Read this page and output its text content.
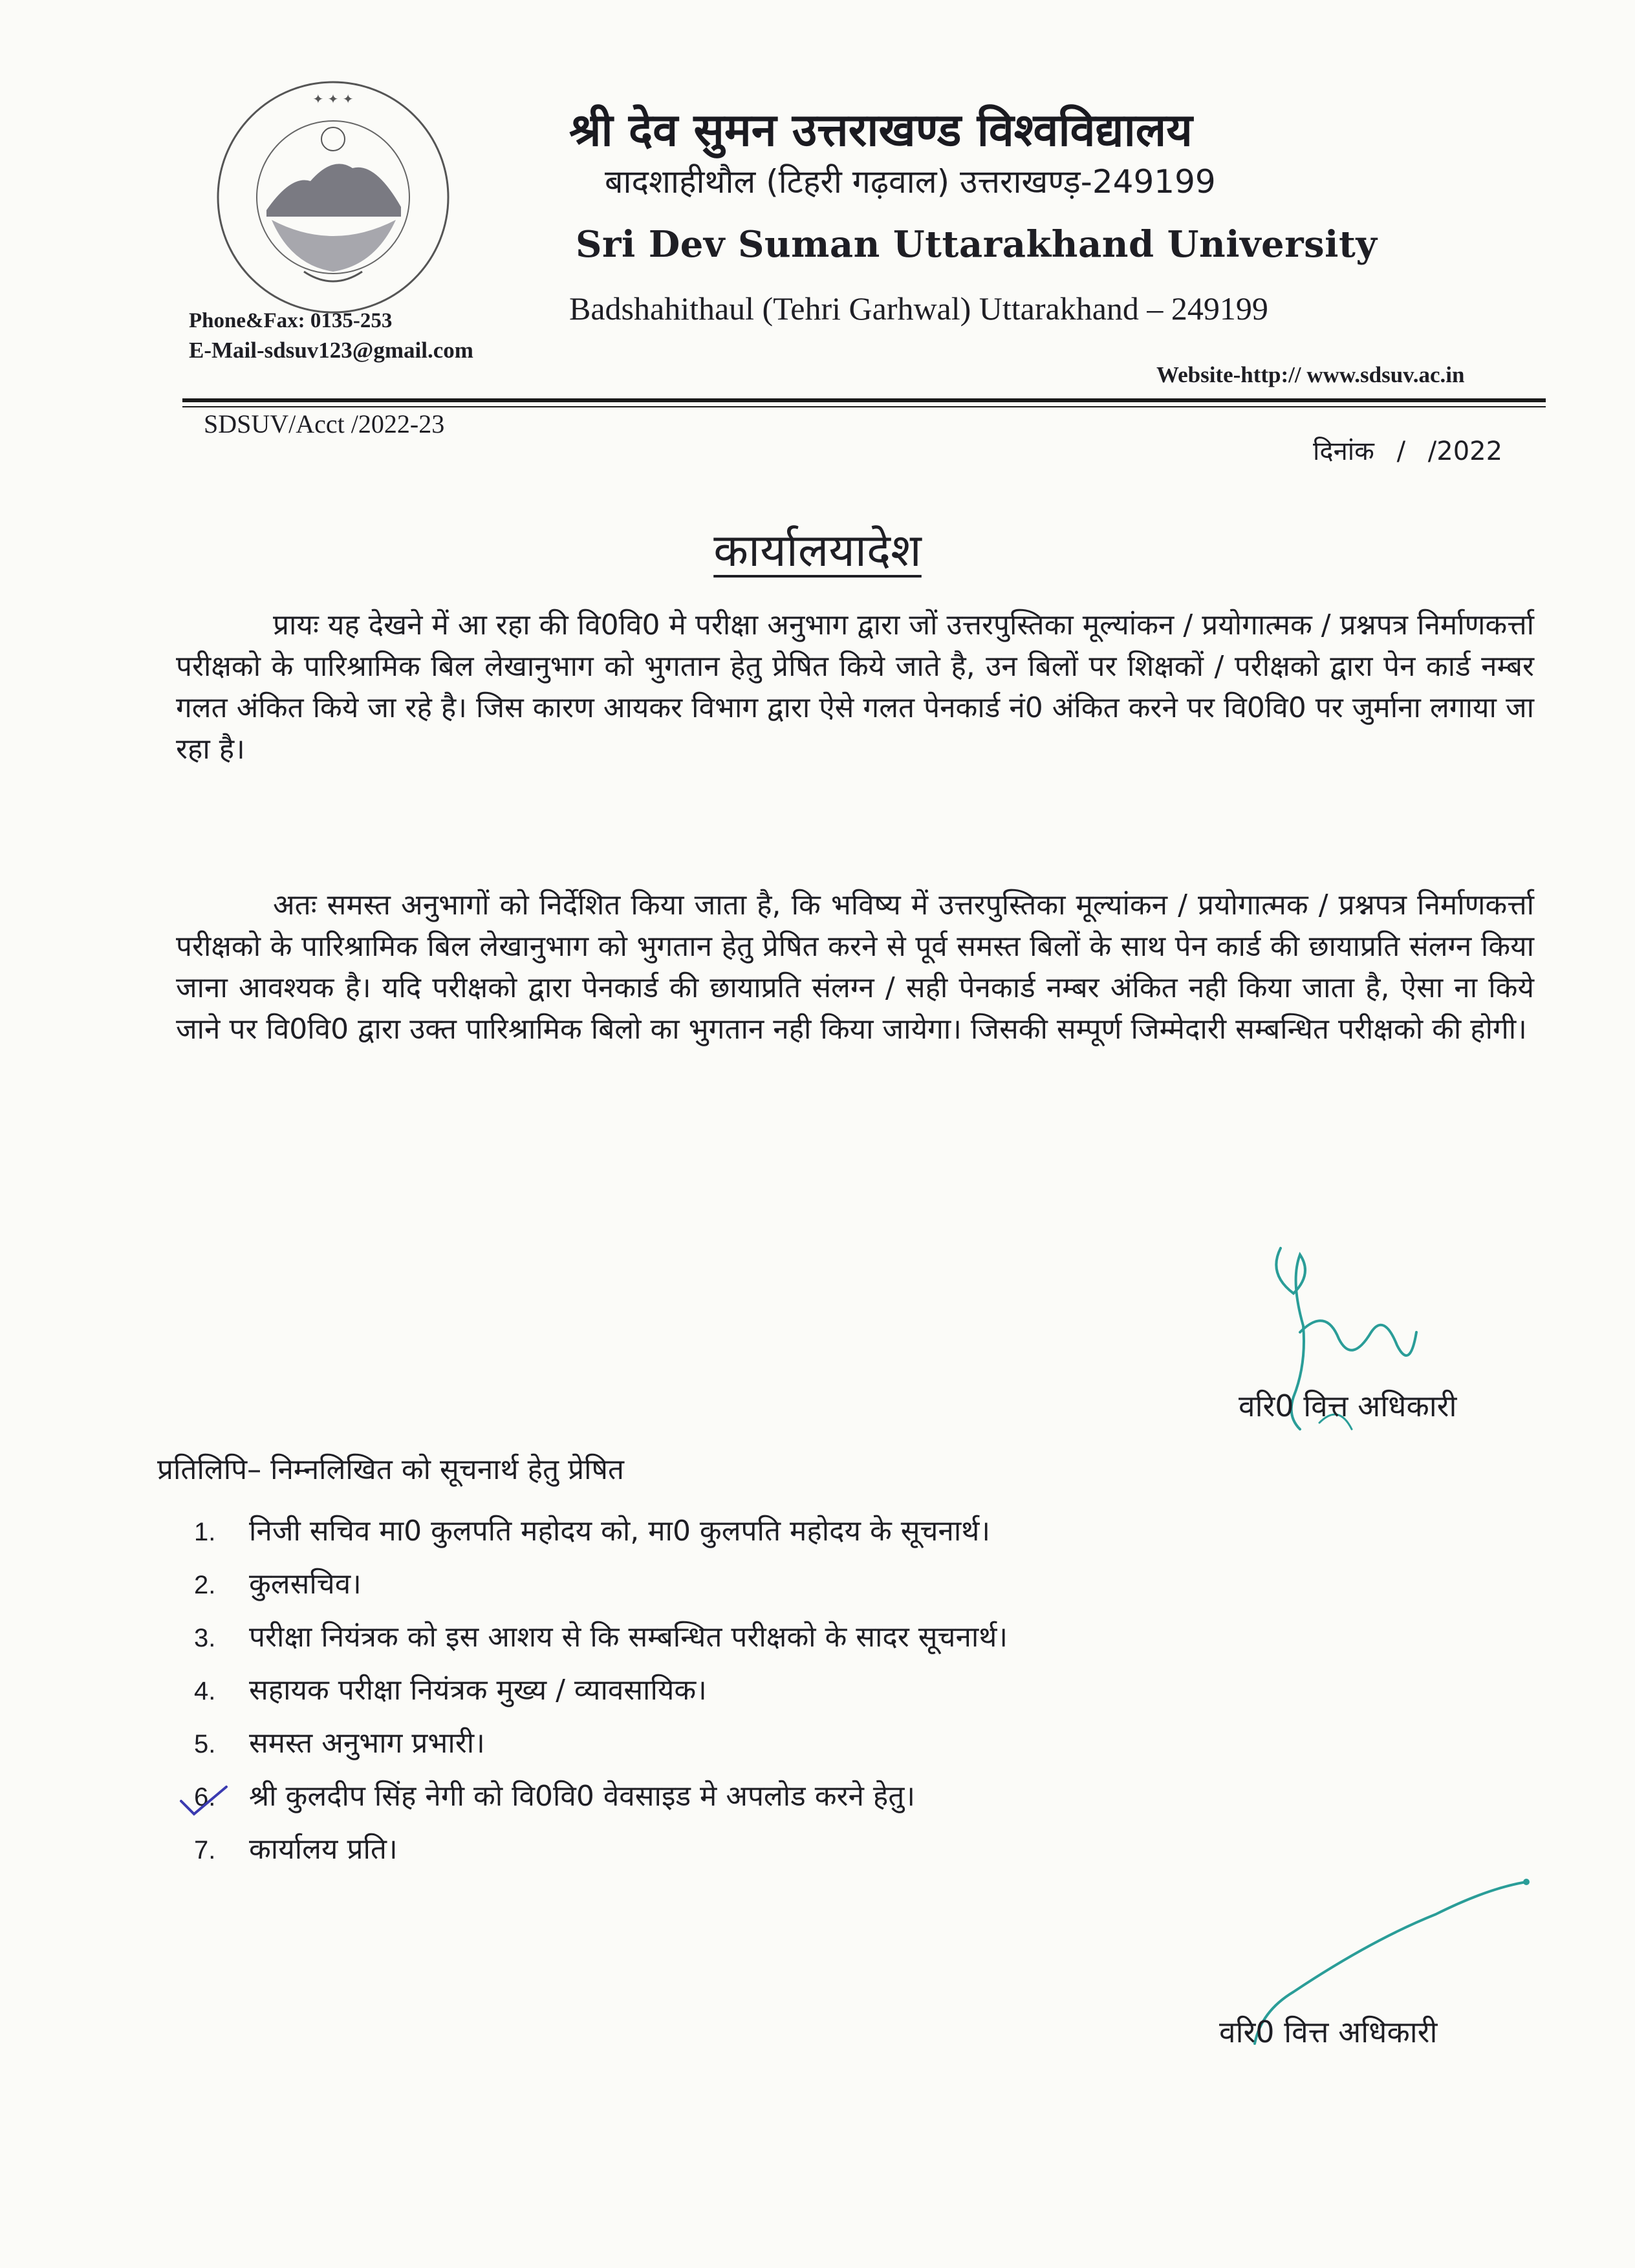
✦ ✦ ✦
श्री देव सुमन उत्तराखण्ड विश्वविद्यालय
बादशाहीथौल (टिहरी गढ़वाल) उत्तराखण्ड़-249199
Sri Dev Suman Uttarakhand University
Badshahithaul (Tehri Garhwal) Uttarakhand – 249199
Phone&Fax: 0135-253
E-Mail-sdsuv123@gmail.com
Website-http:// www.sdsuv.ac.in
SDSUV/Acct /2022-23
दिनांक / /2022
कार्यालयादेश
प्रायः यह देखने में आ रहा की वि0वि0 मे परीक्षा अनुभाग द्वारा जों उत्तरपुस्तिका मूल्यांकन / प्रयोगात्मक / प्रश्नपत्र निर्माणकर्त्ता परीक्षको के पारिश्रामिक बिल लेखानुभाग को भुगतान हेतु प्रेषित किये जाते है, उन बिलों पर शिक्षकों / परीक्षको द्वारा पेन कार्ड नम्बर गलत अंकित किये जा रहे है। जिस कारण आयकर विभाग द्वारा ऐसे गलत पेनकार्ड नं0 अंकित करने पर वि0वि0 पर जुर्माना लगाया जा रहा है।
अतः समस्त अनुभागों को निर्देशित किया जाता है, कि भविष्य में उत्तरपुस्तिका मूल्यांकन / प्रयोगात्मक / प्रश्नपत्र निर्माणकर्त्ता परीक्षको के पारिश्रामिक बिल लेखानुभाग को भुगतान हेतु प्रेषित करने से पूर्व समस्त बिलों के साथ पेन कार्ड की छायाप्रति संलग्न किया जाना आवश्यक है। यदि परीक्षको द्वारा पेनकार्ड की छायाप्रति संलग्न / सही पेनकार्ड नम्बर अंकित नही किया जाता है, ऐसा ना किये जाने पर वि0वि0 द्वारा उक्त पारिश्रामिक बिलो का भुगतान नही किया जायेगा। जिसकी सम्पूर्ण जिम्मेदारी सम्बन्धित परीक्षको की होगी।
वरि0 वित्त अधिकारी
प्रतिलिपि– निम्नलिखित को सूचनार्थ हेतु प्रेषित
1. निजी सचिव मा0 कुलपति महोदय को, मा0 कुलपति महोदय के सूचनार्थ।
2. कुलसचिव।
3. परीक्षा नियंत्रक को इस आशय से कि सम्बन्धित परीक्षको के सादर सूचनार्थ।
4. सहायक परीक्षा नियंत्रक मुख्य / व्यावसायिक।
5. समस्त अनुभाग प्रभारी।
6. श्री कुलदीप सिंह नेगी को वि0वि0 वेवसाइड मे अपलोड करने हेतु।
7. कार्यालय प्रति।
वरि0 वित्त अधिकारी
